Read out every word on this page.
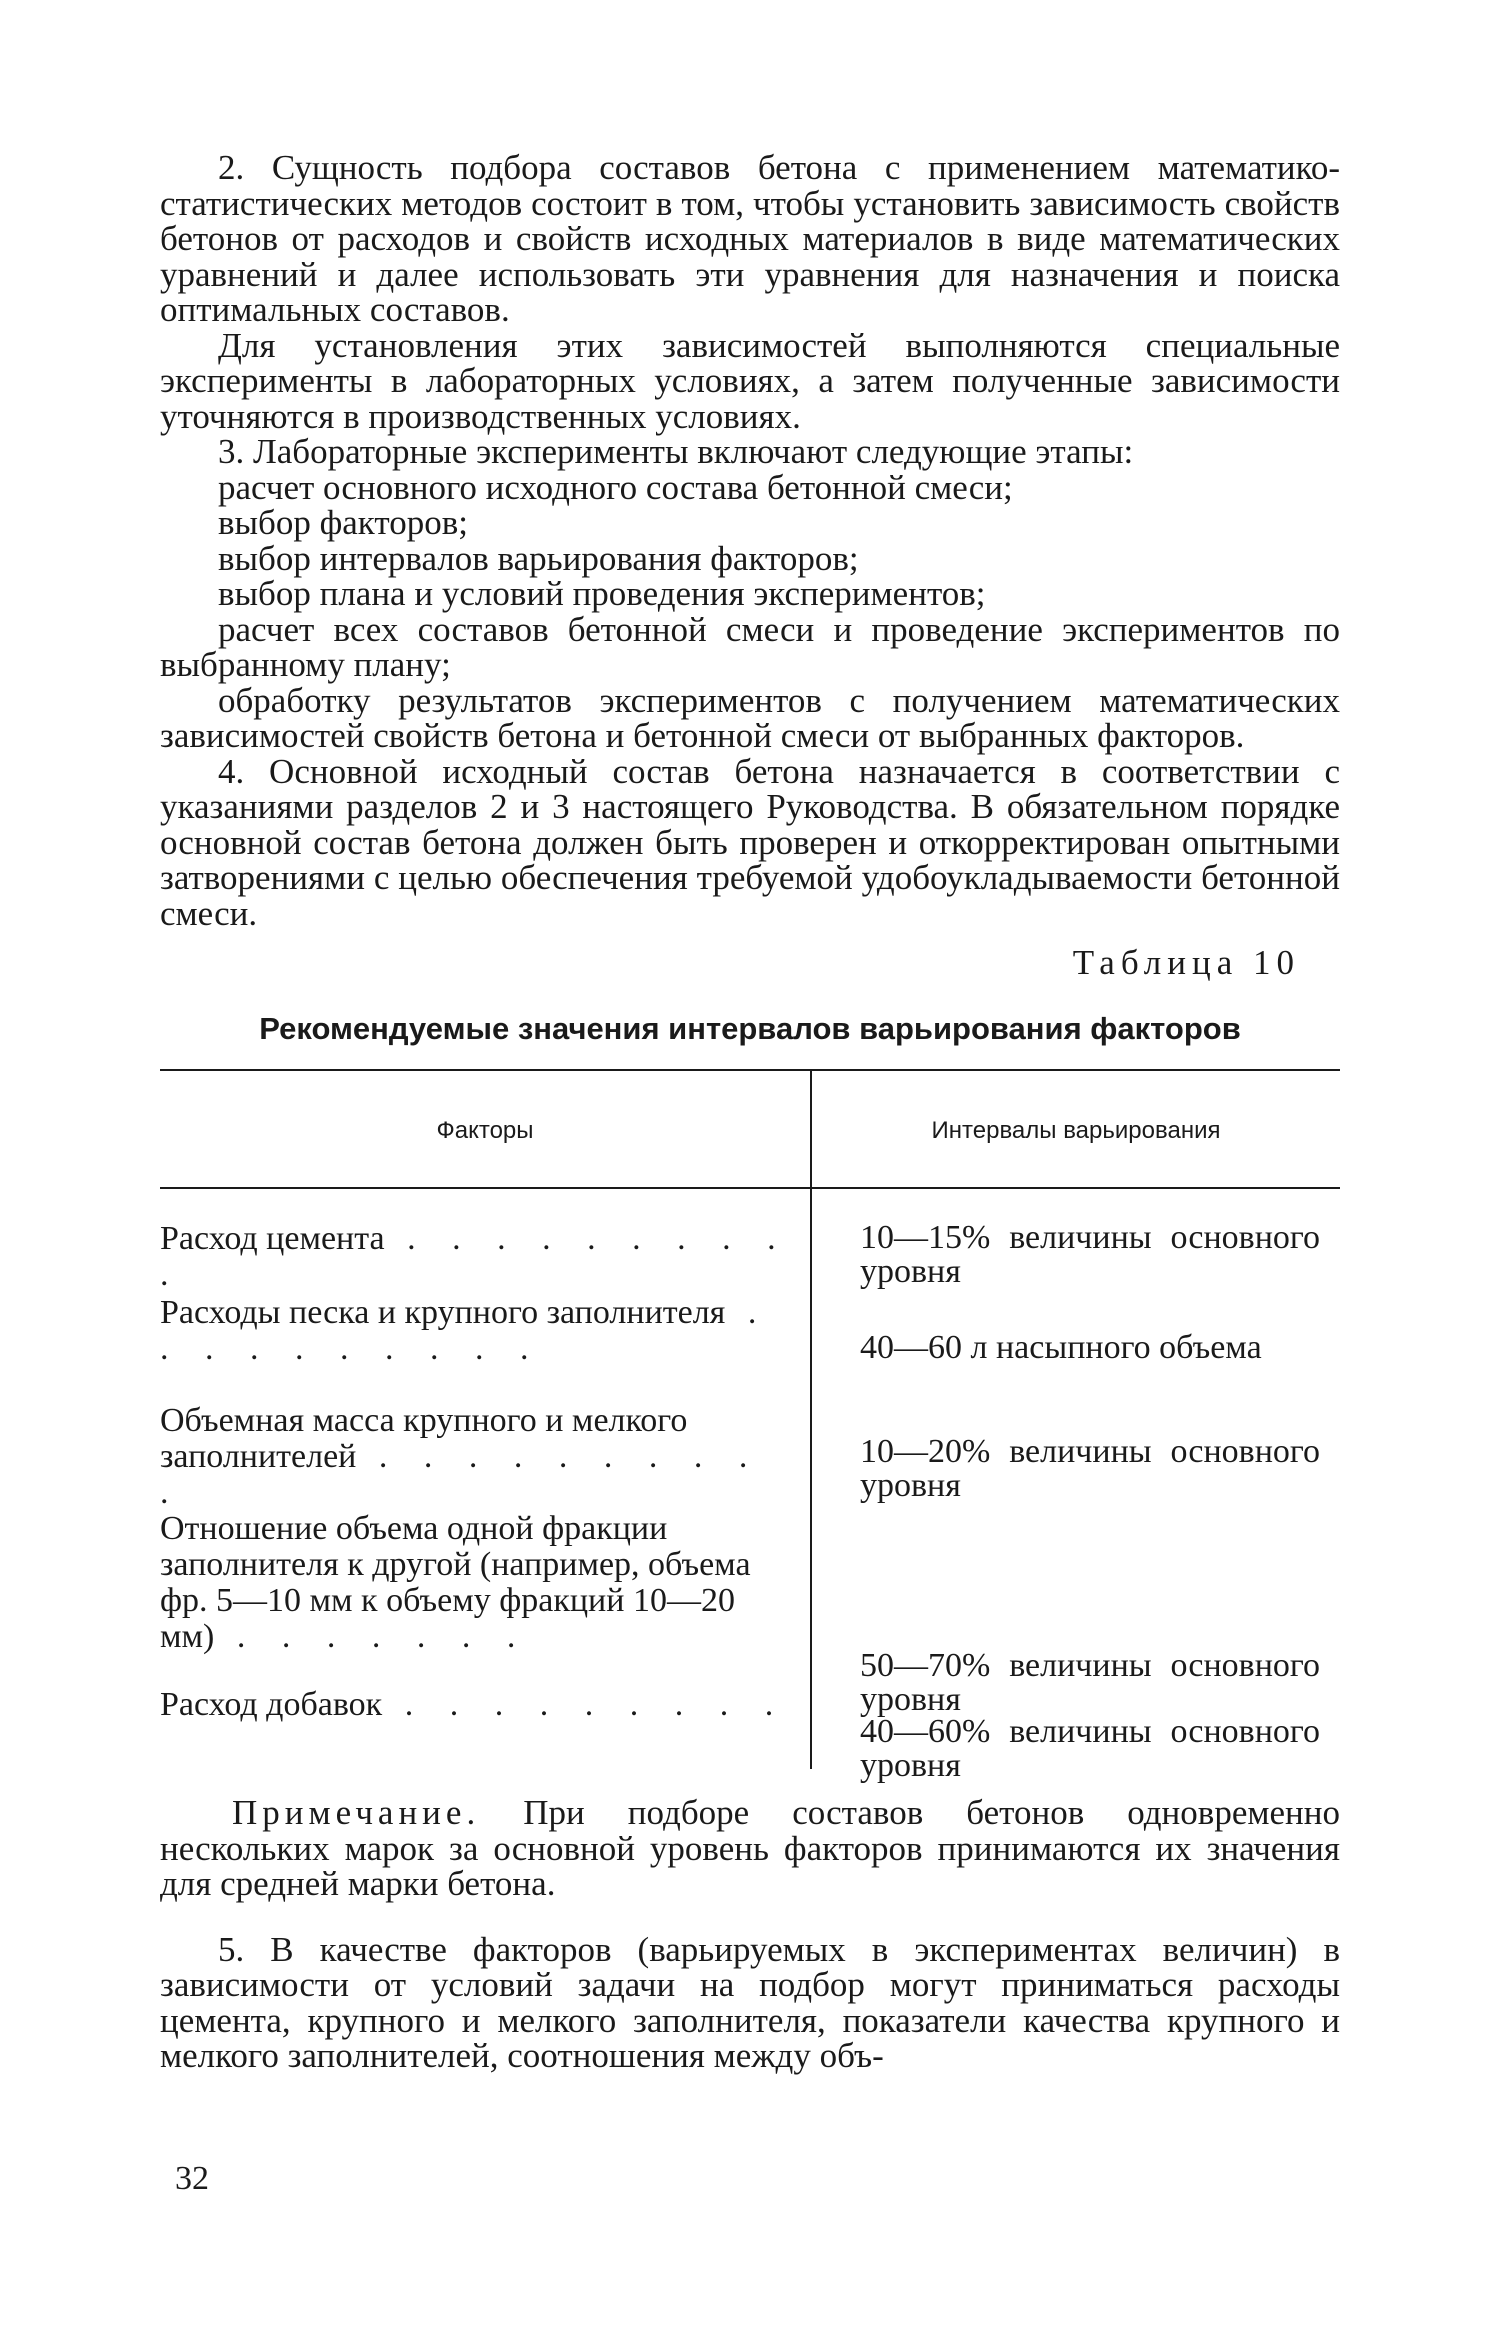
2. Сущность подбора составов бетона с применением математико-статистических методов состоит в том, чтобы установить зависимость свойств бетонов от расходов и свойств исходных материалов в виде математических уравнений и далее использовать эти уравнения для назначения и поиска оптимальных составов.

Для установления этих зависимостей выполняются специальные эксперименты в лабораторных условиях, а затем полученные зависимости уточняются в производственных условиях.

3. Лабораторные эксперименты включают следующие этапы:

расчет основного исходного состава бетонной смеси;

выбор факторов;

выбор интервалов варьирования факторов;

выбор плана и условий проведения экспериментов;

расчет всех составов бетонной смеси и проведение экспериментов по выбранному плану;

обработку результатов экспериментов с получением математических зависимостей свойств бетона и бетонной смеси от выбранных факторов.

4. Основной исходный состав бетона назначается в соответствии с указаниями разделов 2 и 3 настоящего Руководства. В обязательном порядке основной состав бетона должен быть проверен и откорректирован опытными затворениями с целью обеспечения требуемой удобоукладываемости бетонной смеси.

Таблица 10
Рекомендуемые значения интервалов варьирования факторов
Факторы	Интервалы варьирования
Расход цемента . . . . . . . . . .
10—15% величины основного уровня
Расходы песка и крупного заполнителя . . . . . . . . . .	40—60 л насыпного объема
Объемная масса крупного и мелкого заполнителей . . . . . . . . . .
10—20% величины основного уровня
Отношение объема одной фракции заполнителя к другой (например, объема фр. 5—10 мм к объему фракций 10—20 мм) . . . . . . .
50—70% величины основного уровня
Расход добавок . . . . . . . . .
40—60% величины основного уровня

Примечание. При подборе составов бетонов одновременно нескольких марок за основной уровень факторов принимаются их значения для средней марки бетона.

5. В качестве факторов (варьируемых в экспериментах величин) в зависимости от условий задачи на подбор могут приниматься расходы цемента, крупного и мелкого заполнителя, показатели качества крупного и мелкого заполнителей, соотношения между объ-

32
